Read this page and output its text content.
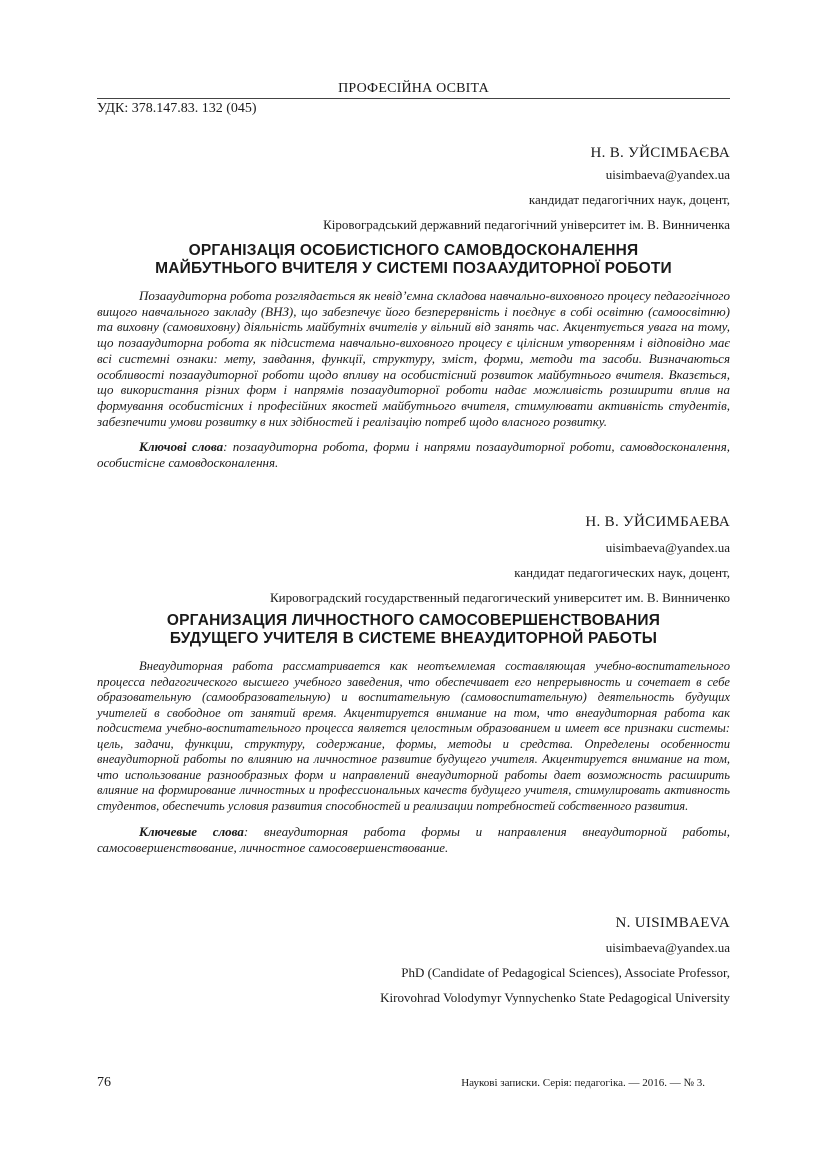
ПРОФЕСІЙНА ОСВІТА
УДК: 378.147.83. 132 (045)
Н. В. УЙСІМБАЄВА
uisimbaeva@yandex.ua
кандидат педагогічних наук, доцент,
Кіровоградський державний педагогічний університет ім. В. Винниченка
ОРГАНІЗАЦІЯ ОСОБИСТІСНОГО САМОВДОСКОНАЛЕННЯ
МАЙБУТНЬОГО ВЧИТЕЛЯ У СИСТЕМІ ПОЗААУДИТОРНОЇ РОБОТИ

Позааудиторна робота розглядається як невід’ємна складова навчально-виховного процесу педагогічного вищого навчального закладу (ВНЗ), що забезпечує його безперервність і поєднує в собі освітню (самоосвітню) та виховну (самовиховну) діяльність майбутніх вчителів у вільний від занять час. Акцентується увага на тому, що позааудиторна робота як підсистема навчально-виховного процесу є цілісним утворенням і відповідно має всі системні ознаки: мету, завдання, функції, структуру, зміст, форми, методи та засоби. Визначаються особливості позааудиторної роботи щодо впливу на особистісний розвиток майбутнього вчителя. Вказється, що використання різних форм і напрямів позааудиторної роботи надає можливість розширити вплив на формування особистісних і професійних якостей майбутнього вчителя, стимулювати активність студентів, забезпечити умови розвитку в них здібностей і реалізацію потреб щодо власного розвитку.

Ключові слова: позааудиторна робота, форми і напрями позааудиторної роботи, самовдосконалення, особистісне самовдосконалення.

Н. В. УЙСИМБАЕВА
uisimbaeva@yandex.ua
кандидат педагогических наук, доцент,
Кировоградский государственный педагогический университет им. В. Винниченко
ОРГАНИЗАЦИЯ ЛИЧНОСТНОГО САМОСОВЕРШЕНСТВОВАНИЯ
БУДУЩЕГО УЧИТЕЛЯ В СИСТЕМЕ ВНЕАУДИТОРНОЙ РАБОТЫ

Внеаудиторная работа рассматривается как неотъемлемая составляющая учебно-воспитательного процесса педагогического высшего учебного заведения, что обеспечивает его непрерывность и сочетает в себе образовательную (самообразовательную) и воспитательную (самовоспитательную) деятельность будущих учителей в свободное от занятий время. Акцентируется внимание на том, что внеаудиторная работа как подсистема учебно-воспитательного процесса является целостным образованием и имеет все признаки системы: цель, задачи, функции, структуру, содержание, формы, методы и средства. Определены особенности внеаудиторной работы по влиянию на личностное развитие будущего учителя. Акцентируется внимание на том, что использование разнообразных форм и направлений внеаудиторной работы дает возможность расширить влияние на формирование личностных и профессиональных качеств будущего учителя, стимулировать активность студентов, обеспечить условия развития способностей и реализации потребностей собственного развития.

Ключевые слова: внеаудиторная работа формы и направления внеаудиторной работы, самосовершенствование, личностное самосовершенствование.

N. UISIMBAEVA
uisimbaeva@yandex.ua
PhD (Candidate of Pedagogical Sciences), Associate Professor,
Kirovohrad Volodymyr Vynnychenko State Pedagogical University
76	Наукові записки. Серія: педагогіка. — 2016. — № 3.
